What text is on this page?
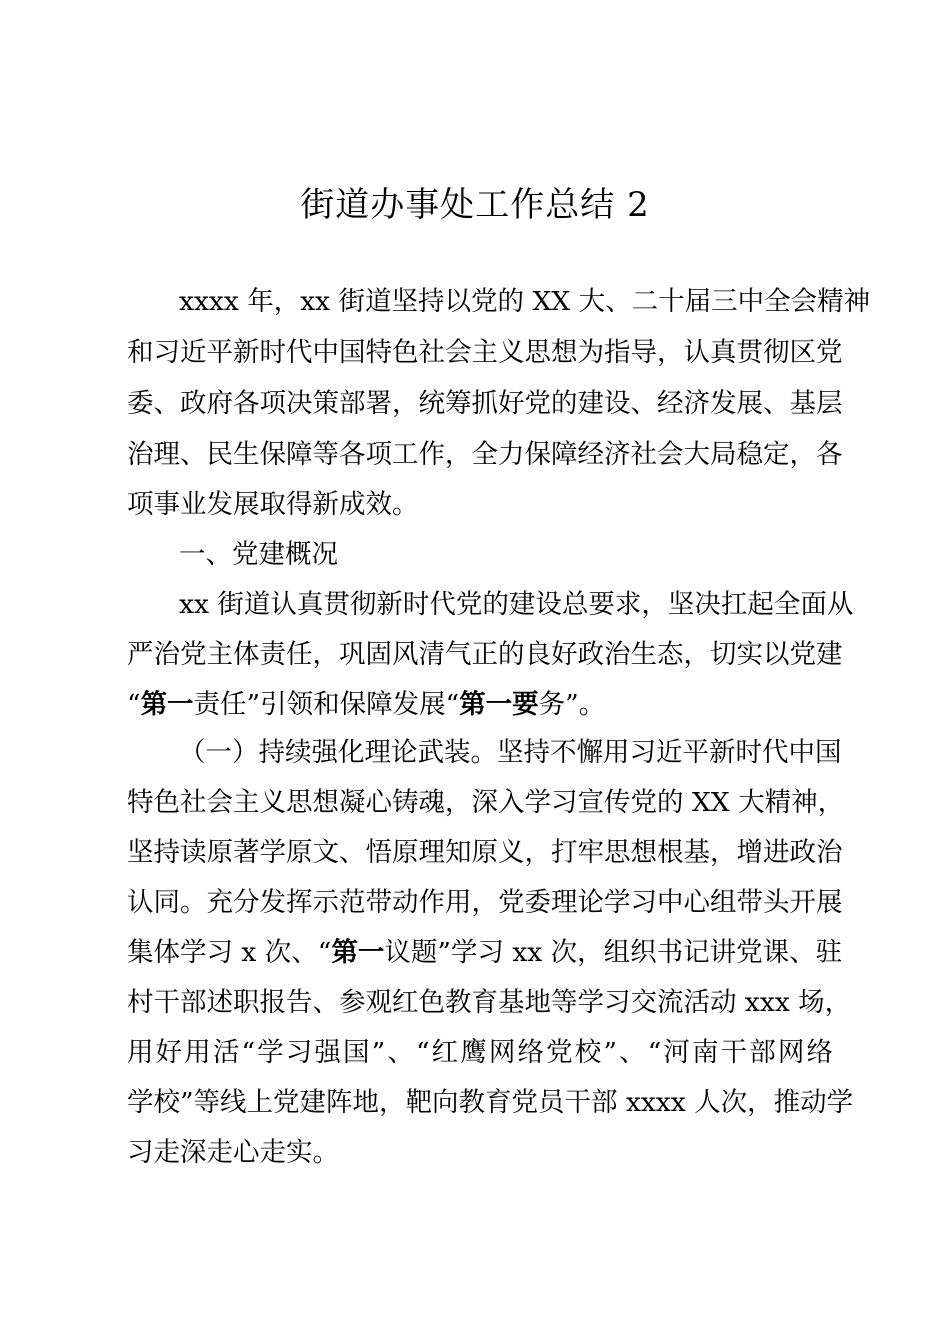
街道办事处工作总结 2

xxxx 年，xx 街道坚持以党的 XX 大、二十届三中全会精神

和习近平新时代中国特色社会主义思想为指导，认真贯彻区党

委、政府各项决策部署，统筹抓好党的建设、经济发展、基层

治理、民生保障等各项工作，全力保障经济社会大局稳定，各

项事业发展取得新成效。

一、党建概况

xx 街道认真贯彻新时代党的建设总要求，坚决扛起全面从

严治党主体责任，巩固风清气正的良好政治生态，切实以党建

“第一责任”引领和保障发展“第一要务”。

（一）持续强化理论武装。坚持不懈用习近平新时代中国

特色社会主义思想凝心铸魂，深入学习宣传党的 XX 大精神，

坚持读原著学原文、悟原理知原义，打牢思想根基，增进政治

认同。充分发挥示范带动作用，党委理论学习中心组带头开展

集体学习 x 次、“第一议题”学习 xx 次，组织书记讲党课、驻

村干部述职报告、参观红色教育基地等学习交流活动 xxx 场，

用好用活“学习强国”、“红鹰网络党校”、“河南干部网络

学校”等线上党建阵地，靶向教育党员干部 xxxx 人次，推动学

习走深走心走实。
